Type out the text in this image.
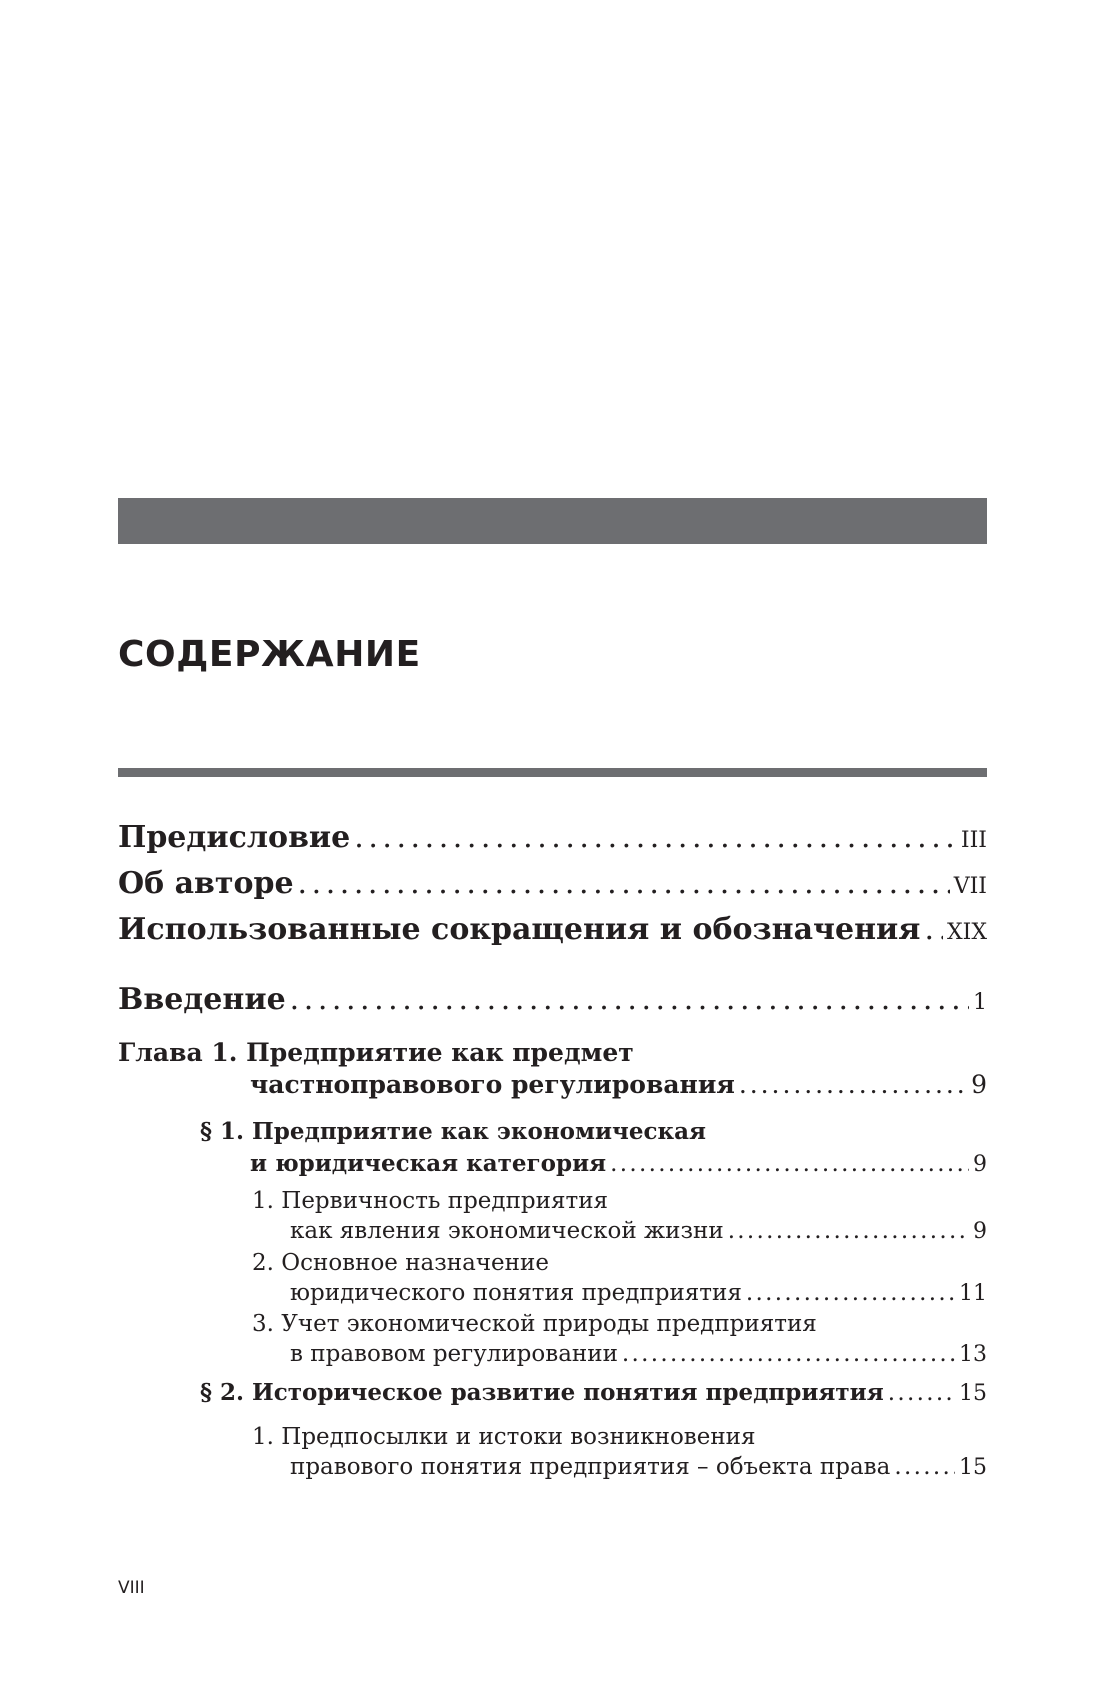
СОДЕРЖАНИЕ
Предисловие . . .	III
Об авторе . . .	VII
Использованные сокращения и обозначения . . . XIX
Введение . . .	1
Глава 1. Предприятие как предмет
частноправового регулирования . . .	9
§ 1. Предприятие как экономическая
и юридическая категория . . .	9
1. Первичность предприятия
как явления экономической жизни . . .	9
2. Основное назначение
юридического понятия предприятия . . .	11
3. Учет экономической природы предприятия
в правовом регулировании . . .	13
§ 2. Историческое развитие понятия предприятия . . .	15
1. Предпосылки и истоки возникновения
правового понятия предприятия – объекта права . . .	15
VIII
